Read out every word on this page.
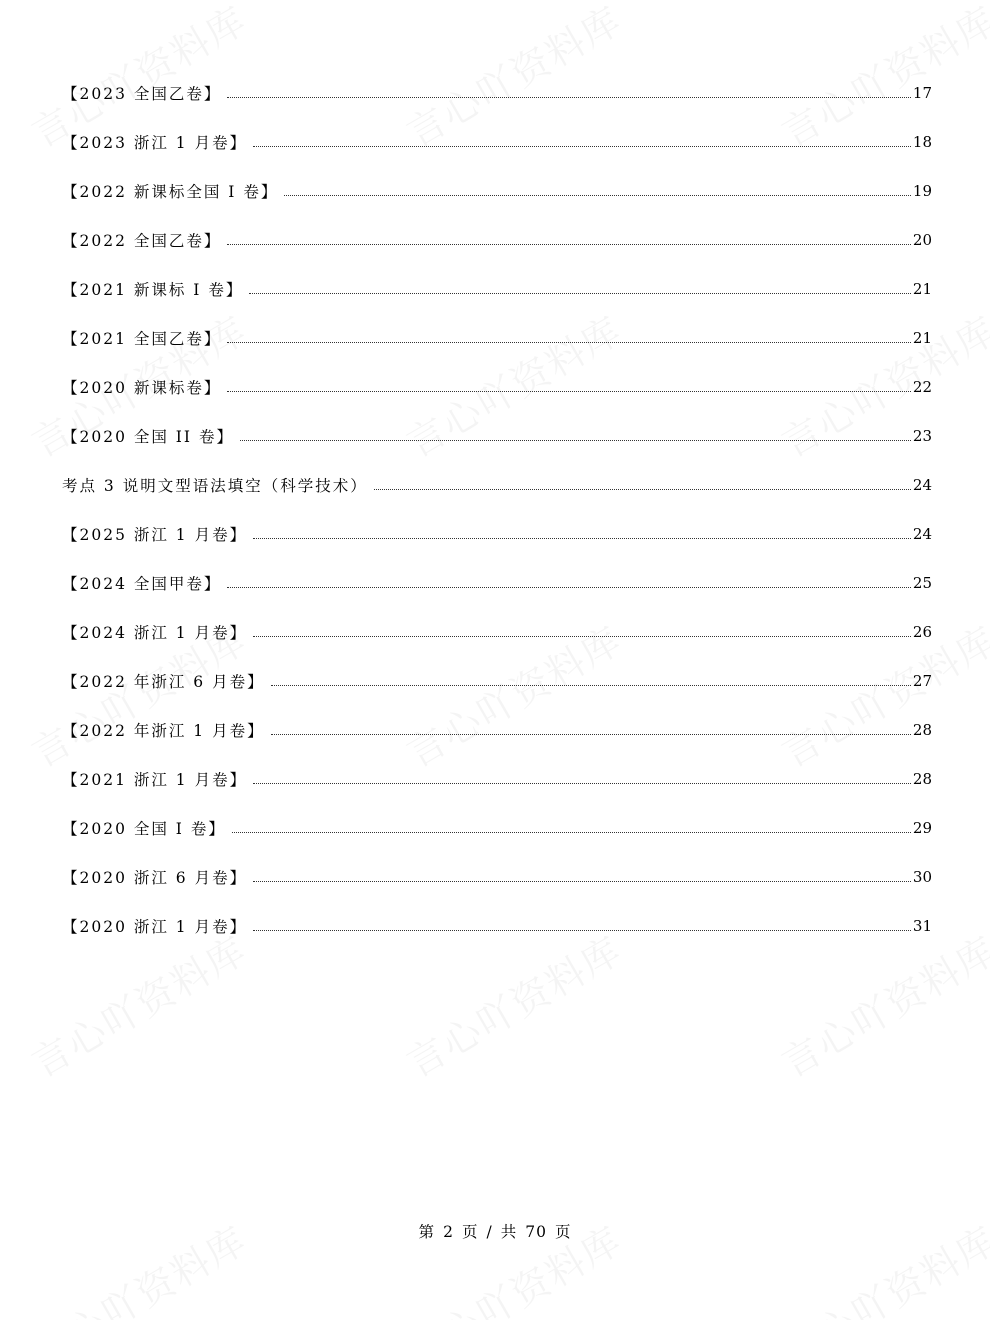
【2023 全国乙卷】	17
【2023 浙江 1 月卷】	18
【2022 新课标全国 I 卷】	19
【2022 全国乙卷】	20
【2021 新课标 I 卷】	21
【2021 全国乙卷】	21
【2020 新课标卷】	22
【2020 全国 II 卷】	23
考点 3 说明文型语法填空（科学技术）	24
【2025 浙江 1 月卷】	24
【2024 全国甲卷】	25
【2024 浙江 1 月卷】	26
【2022 年浙江 6 月卷】	27
【2022 年浙江 1 月卷】	28
【2021 浙江 1 月卷】	28
【2020 全国 I 卷】	29
【2020 浙江 6 月卷】	30
【2020 浙江 1 月卷】	31
第 2 页 / 共 70 页
